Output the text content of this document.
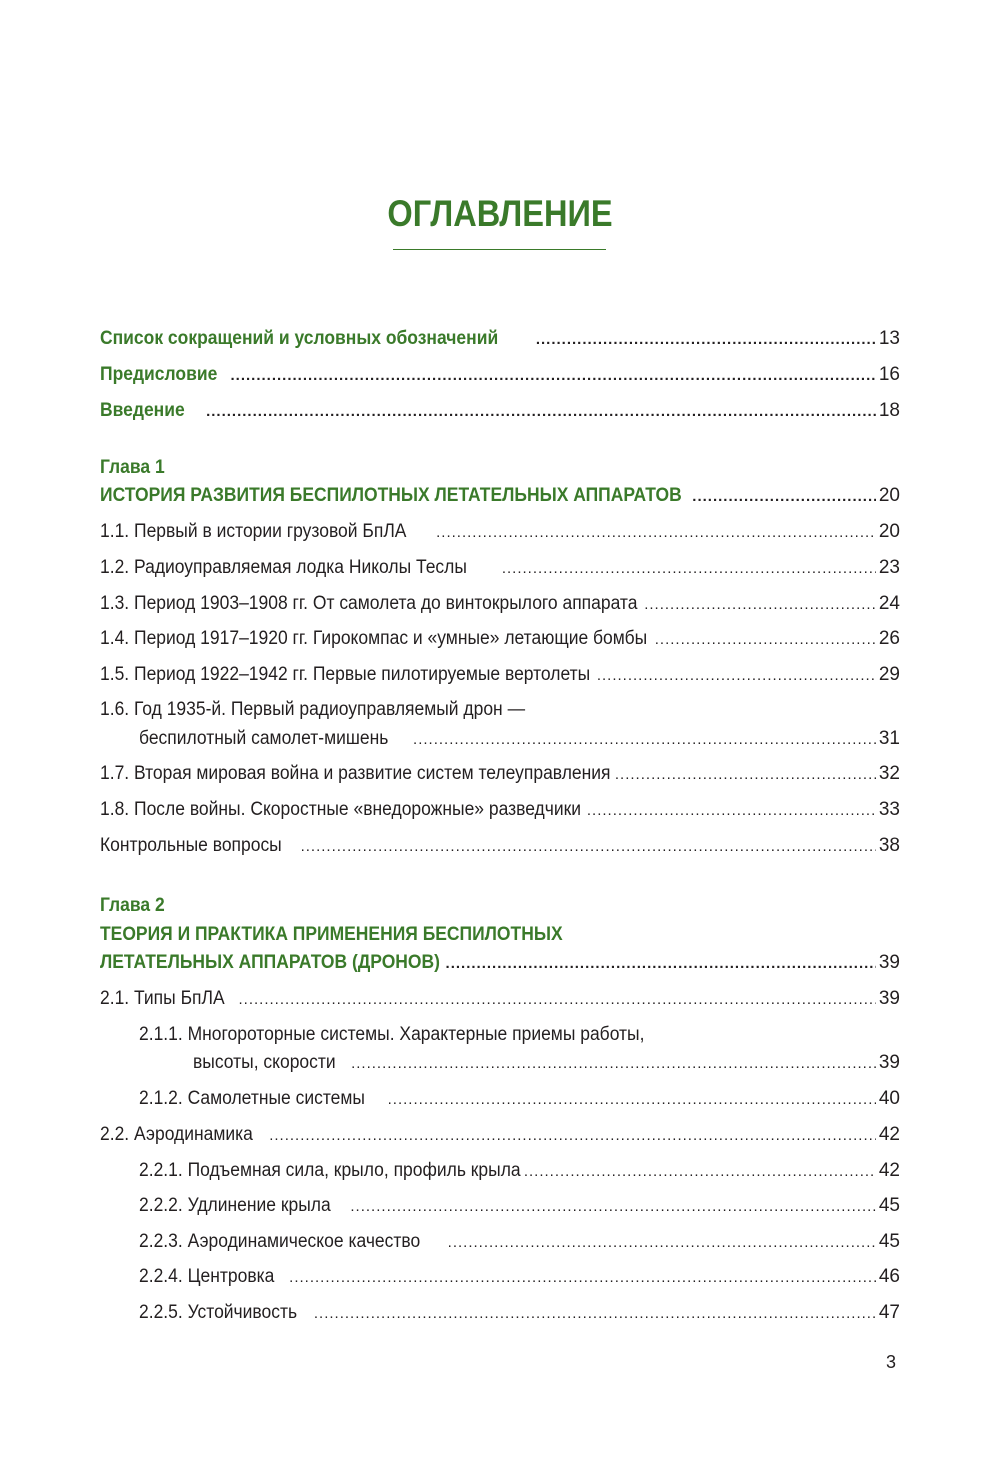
ОГЛАВЛЕНИЕ
Список сокращений и условных обозначений .....	13
Предисловие .....	16
Введение .....	18
Глава 1
ИСТОРИЯ РАЗВИТИЯ БЕСПИЛОТНЫХ ЛЕТАТЕЛЬНЫХ АППАРАТОВ .....	20
1.1. Первый в истории грузовой БпЛА .....	20
1.2. Радиоуправляемая лодка Николы Теслы .....	23
1.3. Период 1903–1908 гг. От самолета до винтокрылого аппарата .....	24
1.4. Период 1917–1920 гг. Гирокомпас и «умные» летающие бомбы .....	26
1.5. Период 1922–1942 гг. Первые пилотируемые вертолеты .....	29
1.6. Год 1935-й. Первый радиоуправляемый дрон —
беспилотный самолет-мишень .....	31
1.7. Вторая мировая война и развитие систем телеуправления .....	32
1.8. После войны. Скоростные «внедорожные» разведчики .....	33
Контрольные вопросы .....	38
Глава 2
ТЕОРИЯ И ПРАКТИКА ПРИМЕНЕНИЯ БЕСПИЛОТНЫХ
ЛЕТАТЕЛЬНЫХ АППАРАТОВ (ДРОНОВ) .....	39
2.1. Типы БпЛА .....	39
2.1.1. Многороторные системы. Характерные приемы работы,
высоты, скорости .....	39
2.1.2. Самолетные системы .....	40
2.2. Аэродинамика .....	42
2.2.1. Подъемная сила, крыло, профиль крыла .....	42
2.2.2. Удлинение крыла .....	45
2.2.3. Аэродинамическое качество .....	45
2.2.4. Центровка .....	46
2.2.5. Устойчивость .....	47
3
